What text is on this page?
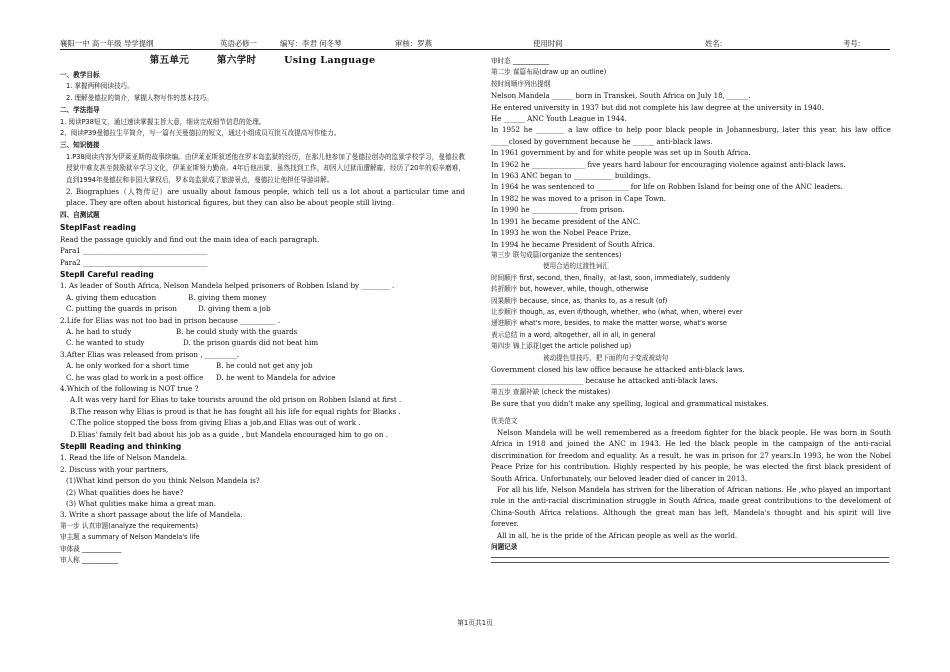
襄阳一中 高一年级 导学提纲	英语必修一	编写：李君 何冬琴	审核：罗燕	使用时间	姓名:	考号:
第五单元	第六学时	Using Language
一、教学目标
1. 掌握两种阅读技巧。
2. 理解曼德拉的简介，掌握人物写作的基本技巧。
二、学法指导
1. 阅读P38短文，通过速读掌握主旨大意，细读完成细节信息的处理。
2、阅读P39曼德拉生平简介，写一篇有关曼德拉的短文，通过小组成员互批互改提高写作能力。
三、知识链接
1.P38阅读内容为伊莱亚斯的故事续编。由伊莱亚斯叙述他在罗本岛监狱的经历，在那儿他参加了曼德拉创办的监狱学校学习，曼德拉教授狱中难友甚至鼓励狱卒学习文化，伊莱亚斯努力勤奋。4年后他出狱，虽然找到工作，却因入过狱而遭解雇，经历了20年的艰辛磨难，直到1994年曼德拉和非国大掌权后，罗本岛监狱成了旅游景点，曼德拉让他担任导游讲解。
2. Biographies（人物传记）are usually about famous people, which tell us a lot about a particular time and place. They are often about historical figures, but they can also be about people still living.
四、自测试题
StepⅠFast reading
Read the passage quickly and find out the main idea of each paragraph.
Para1 ___________________________________
Para2 ___________________________________
StepⅡ Careful reading
1. As leader of South Africa, Nelson Mandela helped prisoners of Robben Island by ________ .
A. giving them education	B. giving them money
C. putting the guards in prison	D. giving them a job
2.Life for Elias was not too bad in prison because __________ .
A. he had to study	B. he could study with the guards
C. he wanted to study	D. the prison guards did not beat him
3.After Elias was released from prison , _________.
A. he only worked for a short time	B. he could not get any job
C. he was glad to work in a post office	D. he went to Mandela for advice
4.Which of the following is NOT true ?
A.It was very hard for Elias to take tourists around the old prison on Robben Island at first .
B.The reason why Elias is proud is that he has fought all his life for equal rights for Blacks .
C.The police stopped the boss from giving Elias a job,and Elias was out of work .
D.Elias' family felt bad about his job as a guide , but Mandela encouraged him to go on .
StepⅢ Reading and thinking
1. Read the life of Nelson Mandela.
2. Discuss with your partners,
(1)What kind person do you think Nelson Mandela is?
(2) What qualities does he have?
(3) What qulities make hima a great man.
3. Write a short passage about the life of Mandela.
第一步 认真审题(analyze the requirements)
审主题 a summary of Nelson Mandela's life
审体裁 ____________
审人称 ___________
审时态 ___________
第二步 谋篇布局(draw up an outline)
按时间顺序列出提纲
Nelson Mandela ______ born in Transkei, South Africa on July 18, ______.
He entered university in 1937 but did not complete his law degree at the university in 1940.
He ______ ANC Youth League in 1944.
In 1952 he ________ a law office to help poor black people in Johannesburg, later this year, his law office _____closed by government because he ______ anti-black laws.
In 1961 government by and for white people was set up in South Africa.
In 1962 he _______________ five years hard labour for encouraging violence against anti-black laws.
In 1963 ANC began to ___________ buildings.
In 1964 he was sentenced to _________ for life on Robben Island for being one of the ANC leaders.
In 1982 he was moved to a prison in Cape Town.
In 1990 he _____________ from prison.
In 1991 he became president of the ANC.
In 1993 he won the Nobel Peace Prize.
In 1994 he became President of South Africa.
第三步 联句成篇(organize the sentences)
使用合适的过渡性词汇
时间顺序 first, second, then, finally，at last, soon, immediately, suddenly
转折顺序 but, however, while, though, otherwise
因果顺序 because, since, as, thanks to, as a result (of)
让步顺序 though, as, even if/though, whether, who (what, when, where) ever
递进顺序 what's more, besides, to make the matter worse, what's worse
表示总结 in a word, altogether, all in all, in general
第四步 锦上添花(get the article polished up)
被动提色显技巧，把下面的句子变成被动句
Government closed his law office because he attacked anti-black laws.
__________________________ because he attacked anti-black laws.
第五步 查漏补缺 (check the mistakes)
Be sure that you didn't make any spelling, logical and grammatical mistakes.
优美范文
Nelson Mandela will be well remembered as a freedom fighter for the black people. He was born in South Africa in 1918 and joined the ANC in 1943. He led the black people in the campaign of the anti-racial discrimination for freedom and equality. As a result, he was in prison for 27 years.In 1993, he won the Nobel Peace Prize for his contribution. Highly respected by his people, he was elected the first black president of South Africa. Unfortunately, our beloved leader died of cancer in 2013.
For all his life, Nelson Mandela has striven for the liberation of African nations. He ,who played an important role in the anti-racial discrimination struggle in South Africa, made great contributions to the develoment of China-South Africa relations. Although the great man has left, Mandela's thought and his spirit will live forever.
All in all, he is the pride of the African people as well as the world.
问题记录
第1页共1页
